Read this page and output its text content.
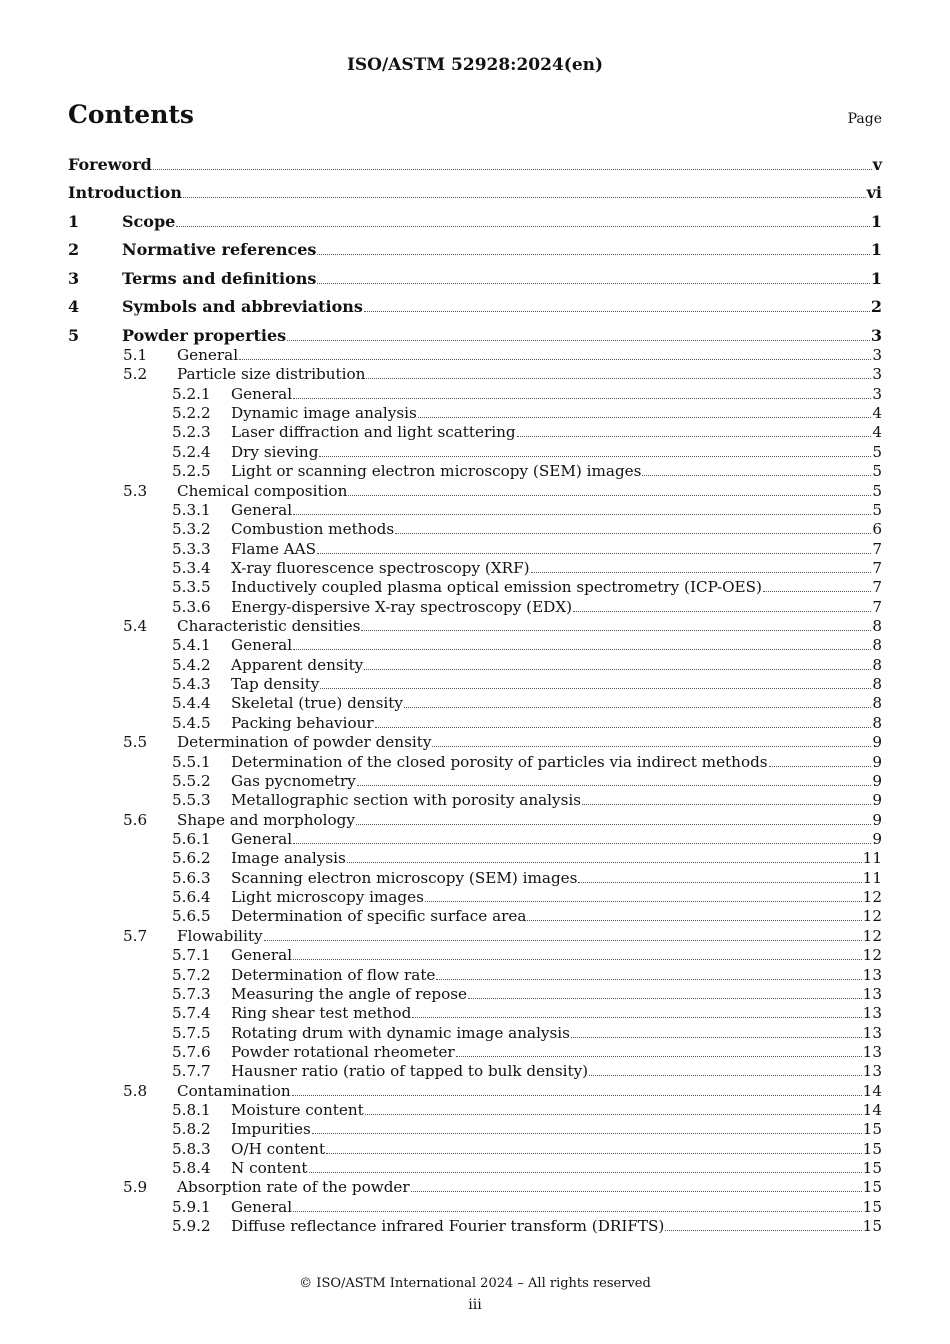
ISO/ASTM 52928:2024(en)
Contents	Page
Foreword	v
Introduction	vi
1	Scope	1
2	Normative references	1
3	Terms and definitions	1
4	Symbols and abbreviations	2
5	Powder properties	3
5.1 General	3
5.2 Particle size distribution	3
5.2.1 General	3
5.2.2 Dynamic image analysis	4
5.2.3 Laser diffraction and light scattering	4
5.2.4 Dry sieving	5
5.2.5 Light or scanning electron microscopy (SEM) images	5
5.3 Chemical composition	5
5.3.1 General	5
5.3.2 Combustion methods	6
5.3.3 Flame AAS	7
5.3.4 X-ray fluorescence spectroscopy (XRF)	7
5.3.5 Inductively coupled plasma optical emission spectrometry (ICP-OES)	7
5.3.6 Energy-dispersive X-ray spectroscopy (EDX)	7
5.4 Characteristic densities	8
5.4.1 General	8
5.4.2 Apparent density	8
5.4.3 Tap density	8
5.4.4 Skeletal (true) density	8
5.4.5 Packing behaviour	8
5.5 Determination of powder density	9
5.5.1 Determination of the closed porosity of particles via indirect methods	9
5.5.2 Gas pycnometry	9
5.5.3 Metallographic section with porosity analysis	9
5.6 Shape and morphology	9
5.6.1 General	9
5.6.2 Image analysis	11
5.6.3 Scanning electron microscopy (SEM) images	11
5.6.4 Light microscopy images	12
5.6.5 Determination of specific surface area	12
5.7 Flowability	12
5.7.1 General	12
5.7.2 Determination of flow rate	13
5.7.3 Measuring the angle of repose	13
5.7.4 Ring shear test method	13
5.7.5 Rotating drum with dynamic image analysis	13
5.7.6 Powder rotational rheometer	13
5.7.7 Hausner ratio (ratio of tapped to bulk density)	13
5.8 Contamination	14
5.8.1 Moisture content	14
5.8.2 Impurities	15
5.8.3 O/H content	15
5.8.4 N content	15
5.9 Absorption rate of the powder	15
5.9.1 General	15
5.9.2 Diffuse reflectance infrared Fourier transform (DRIFTS)	15
© ISO/ASTM International 2024 – All rights reserved
iii
